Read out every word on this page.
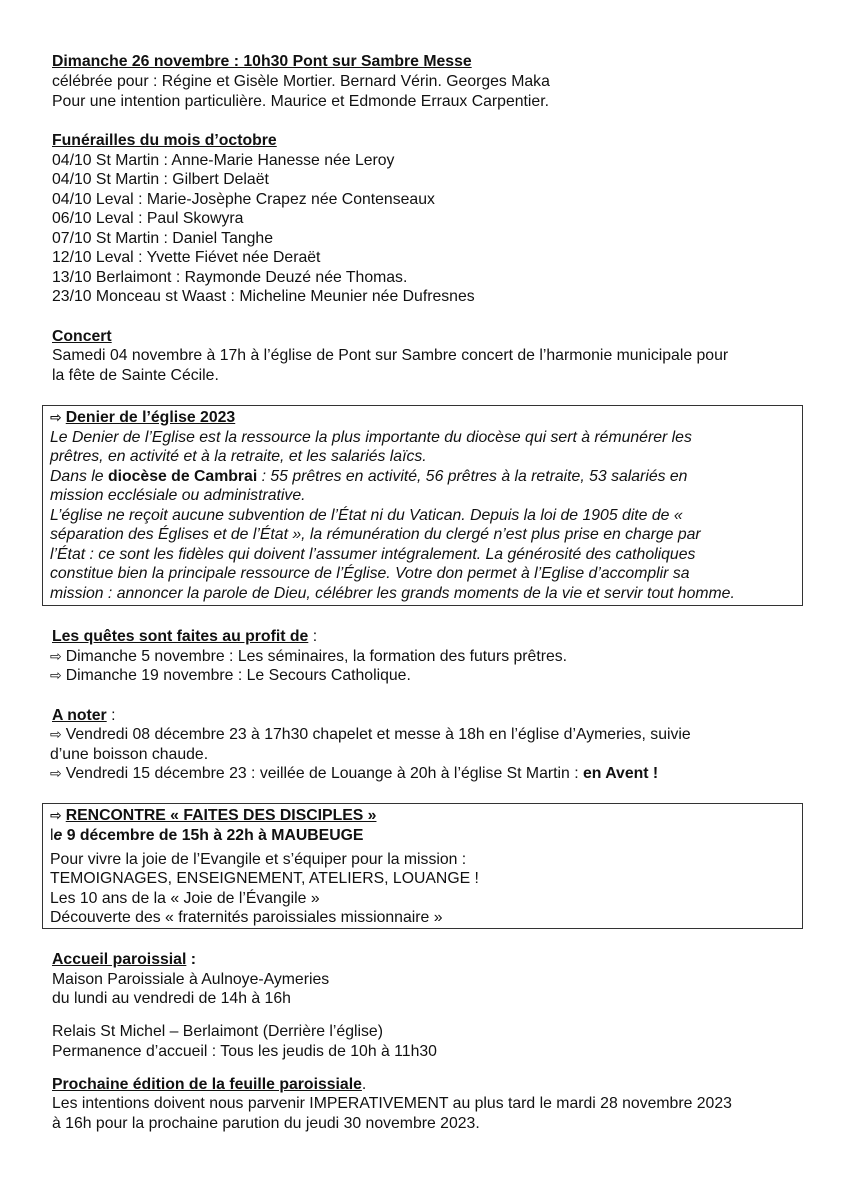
Dimanche 26 novembre : 10h30 Pont sur Sambre Messe
célébrée pour : Régine et Gisèle Mortier. Bernard Vérin. Georges Maka
Pour une intention particulière. Maurice et Edmonde Erraux Carpentier.
Funérailles du mois d’octobre
04/10 St Martin : Anne-Marie Hanesse née Leroy
04/10 St Martin : Gilbert Delaët
04/10 Leval : Marie-Josèphe Crapez née Contenseaux
06/10 Leval : Paul Skowyra
07/10 St Martin : Daniel Tanghe
12/10 Leval : Yvette Fiévet née Deraët
13/10 Berlaimont : Raymonde Deuzé née Thomas.
23/10 Monceau st Waast : Micheline Meunier née Dufresnes
Concert
Samedi 04 novembre à 17h à l’église de Pont sur Sambre concert de l’harmonie municipale pour
la fête de Sainte Cécile.
⇨ Denier de l’église 2023
Le Denier de l’Eglise est la ressource la plus importante du diocèse qui sert à rémunérer les
prêtres, en activité et à la retraite, et les salariés laïcs.
Dans le diocèse de Cambrai : 55 prêtres en activité, 56 prêtres à la retraite, 53 salariés en
mission ecclésiale ou administrative.
L’église ne reçoit aucune subvention de l’État ni du Vatican. Depuis la loi de 1905 dite de «
séparation des Églises et de l’État », la rémunération du clergé n’est plus prise en charge par
l’État : ce sont les fidèles qui doivent l’assumer intégralement. La générosité des catholiques
constitue bien la principale ressource de l’Église. Votre don permet à l’Eglise d’accomplir sa
mission : annoncer la parole de Dieu, célébrer les grands moments de la vie et servir tout homme.
Les quêtes sont faites au profit de :
⇨ Dimanche 5 novembre : Les séminaires, la formation des futurs prêtres.
⇨ Dimanche 19 novembre : Le Secours Catholique.
A noter :
⇨ Vendredi 08 décembre 23 à 17h30 chapelet et messe à 18h en l’église d’Aymeries, suivie
d’une boisson chaude.
⇨ Vendredi 15 décembre 23 : veillée de Louange à 20h à l’église St Martin : en Avent !
⇨ RENCONTRE « FAITES DES DISCIPLES »
le 9 décembre de 15h à 22h à MAUBEUGE
Pour vivre la joie de l’Evangile et s’équiper pour la mission :
TEMOIGNAGES, ENSEIGNEMENT, ATELIERS, LOUANGE !
Les 10 ans de la « Joie de l’Évangile »
Découverte des « fraternités paroissiales missionnaire »
Accueil paroissial :
Maison Paroissiale à Aulnoye-Aymeries
du lundi au vendredi de 14h à 16h
Relais St Michel – Berlaimont (Derrière l’église)
Permanence d’accueil : Tous les jeudis de 10h à 11h30
Prochaine édition de la feuille paroissiale.
Les intentions doivent nous parvenir IMPERATIVEMENT au plus tard le mardi 28 novembre 2023
à 16h pour la prochaine parution du jeudi 30 novembre 2023.
